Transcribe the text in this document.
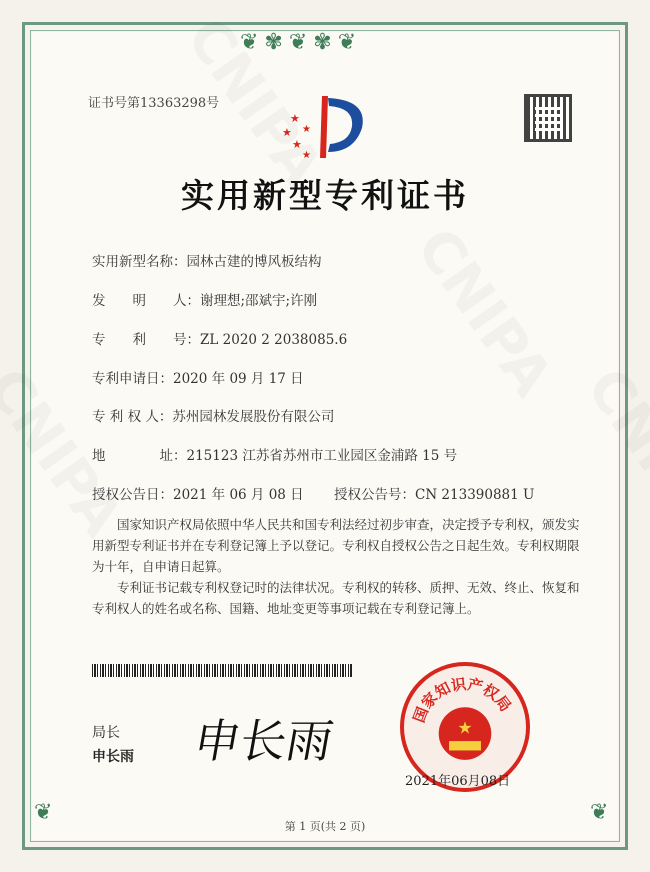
❦✾❦✾❦
❦	❦
证书号第13363298号
★
★
★
★
★
实用新型专利证书
实用新型名称：园林古建的博风板结构
发　　明　　人：谢理想;邵斌宇;许刚
专　　利　　号：ZL 2020 2 2038085.6
专利申请日：2020 年 09 月 17 日
专 利 权 人：苏州园林发展股份有限公司
地　　　　址：215123 江苏省苏州市工业园区金浦路 15 号
授权公告日：2021 年 06 月 08 日 授权公告号：CN 213390881 U
国家知识产权局依照中华人民共和国专利法经过初步审查，决定授予专利权，颁发实用新型专利证书并在专利登记簿上予以登记。专利权自授权公告之日起生效。专利权期限为十年，自申请日起算。
专利证书记载专利权登记时的法律状况。专利权的转移、质押、无效、终止、恢复和专利权人的姓名或名称、国籍、地址变更等事项记载在专利登记簿上。
局长
申长雨 申长雨	国家知识产权局
★
2021年06月08日
第 1 页(共 2 页)
